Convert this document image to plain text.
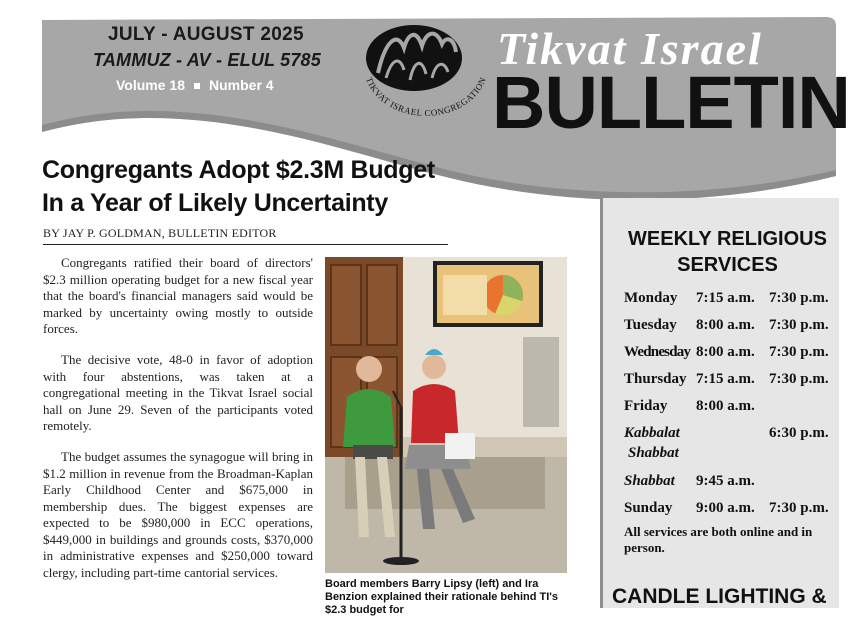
JULY - AUGUST 2025
TAMMUZ - AV - ELUL 5785
Volume 18 Number 4	TIKVAT ISRAEL CONGREGATION
Tikvat Israel
BULLETIN
Congregants Adopt $2.3M Budget
In a Year of Likely Uncertainty
BY JAY P. GOLDMAN, BULLETIN EDITOR

Congregants ratified their board of directors' $2.3 million operating budget for a new fiscal year that the board's financial managers said would be marked by uncertainty owing mostly to outside forces.

The decisive vote, 48-0 in favor of adoption with four abstentions, was taken at a congregational meeting in the Tikvat Israel social hall on June 29. Seven of the participants voted remotely.

The budget assumes the synagogue will bring in $1.2 million in revenue from the Broadman-Kaplan Early Childhood Center and $675,000 in membership dues. The biggest expenses are expected to be $980,000 in ECC operations, $449,000 in buildings and grounds costs, $370,000 in administrative expenses and $250,000 toward clergy, including part-time cantorial services.

Board members Barry Lipsy (left) and Ira Benzion explained their rationale behind TI's $2.3 budget for
WEEKLY RELIGIOUS
SERVICES
Monday 7:15 a.m. 7:30 p.m.
Tuesday 8:00 a.m. 7:30 p.m.
Wednesday 8:00 a.m. 7:30 p.m.
Thursday 7:15 a.m. 7:30 p.m.
Friday 8:00 a.m.
Kabbalat
Shabbat
6:30 p.m.
Shabbat 9:45 a.m.
Sunday 9:00 a.m. 7:30 p.m.
All services are both online and in person.
CANDLE LIGHTING &
